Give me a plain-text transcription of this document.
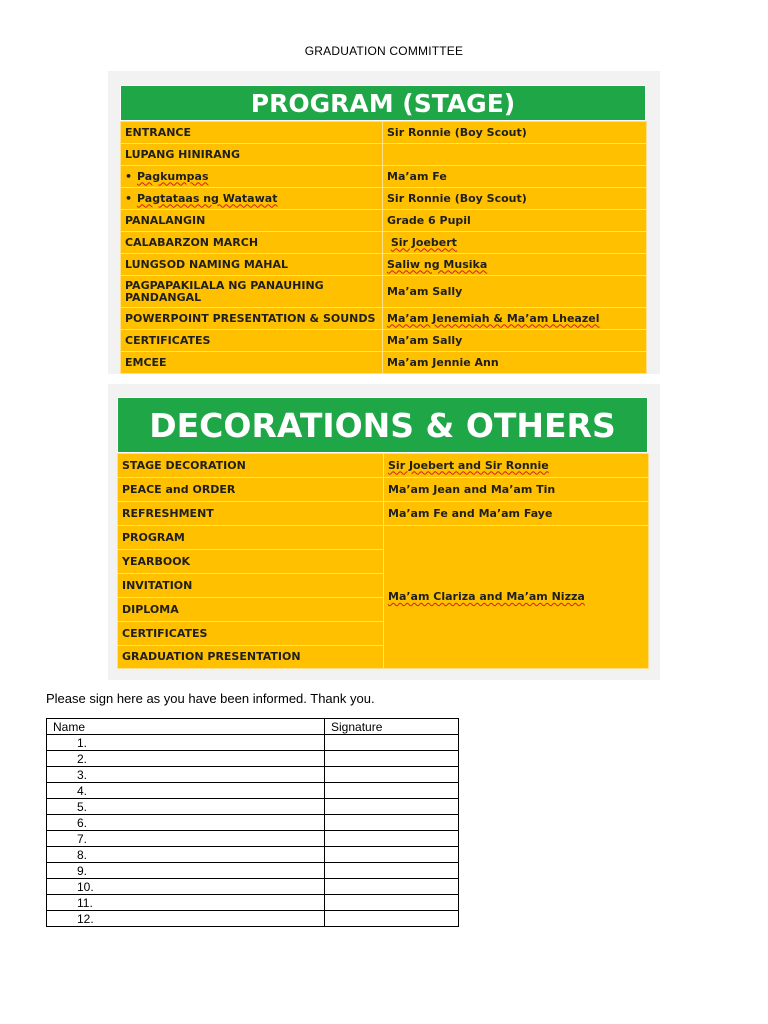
GRADUATION COMMITTEE
PROGRAM (STAGE)
ENTRANCE	Sir Ronnie (Boy Scout)
LUPANG HINIRANG	
• Pagkumpas	Ma’am Fe
• Pagtataas ng Watawat	Sir Ronnie (Boy Scout)
PANALANGIN	Grade 6 Pupil
CALABARZON MARCH	Sir Joebert
LUNGSOD NAMING MAHAL	Saliw ng Musika
PAGPAPAKILALA NG PANAUHING PANDANGAL	Ma’am Sally
POWERPOINT PRESENTATION & SOUNDS	Ma’am Jenemiah & Ma’am Lheazel
CERTIFICATES	Ma’am Sally
EMCEE	Ma’am Jennie Ann
DECORATIONS & OTHERS
STAGE DECORATION	Sir Joebert and Sir Ronnie
PEACE and ORDER	Ma’am Jean and Ma’am Tin
REFRESHMENT	Ma’am Fe and Ma’am Faye
PROGRAM	Ma’am Clariza and Ma’am Nizza
YEARBOOK	
INVITATION	
DIPLOMA	
CERTIFICATES	
GRADUATION PRESENTATION	
Please sign here as you have been informed. Thank you.
Name	Signature
1.	
2.	
3.	
4.	
5.	
6.	
7.	
8.	
9.	
10.	
11.	
12.	
